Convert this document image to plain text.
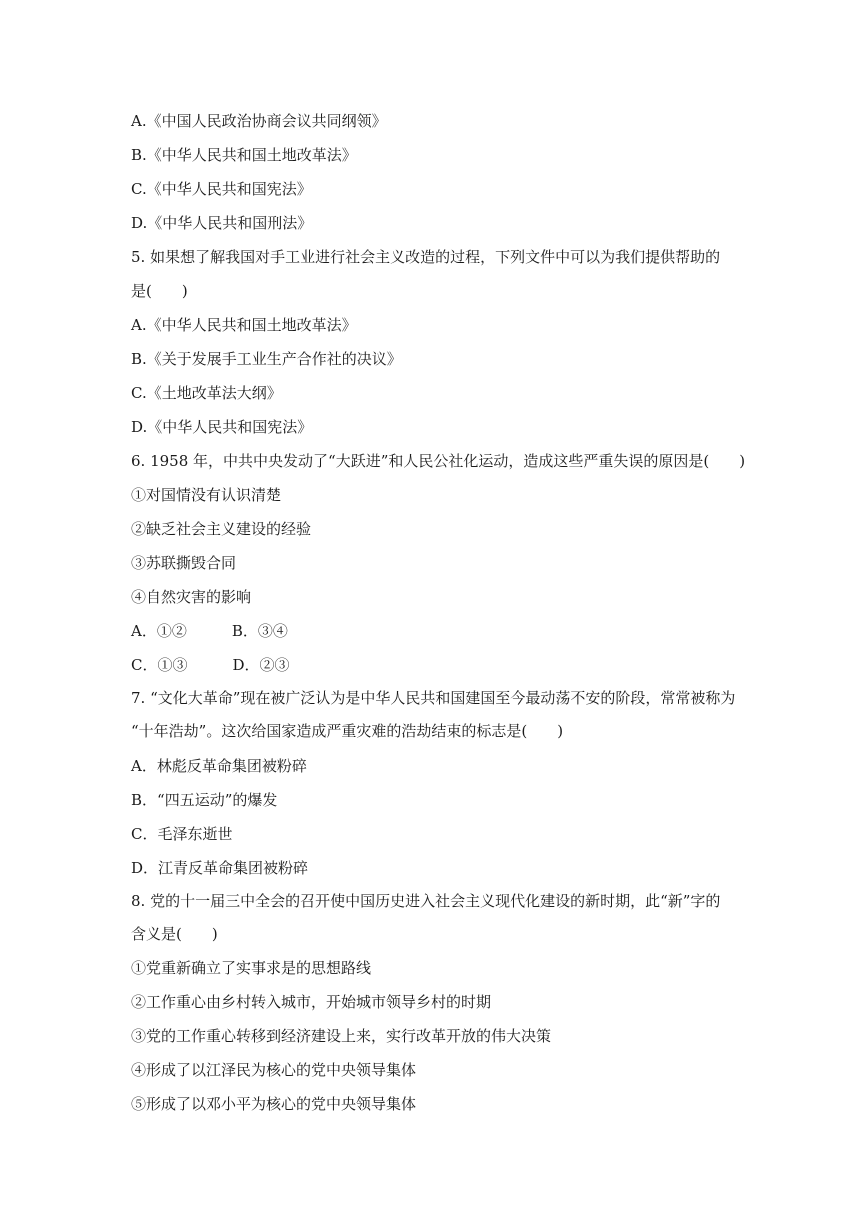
A.《中国人民政治协商会议共同纲领》
B.《中华人民共和国土地改革法》
C.《中华人民共和国宪法》
D.《中华人民共和国刑法》
5. 如果想了解我国对手工业进行社会主义改造的过程，下列文件中可以为我们提供帮助的
是(　　)
A.《中华人民共和国土地改革法》
B.《关于发展手工业生产合作社的决议》
C.《土地改革法大纲》
D.《中华人民共和国宪法》
6. 1958 年，中共中央发动了“大跃进”和人民公社化运动，造成这些严重失误的原因是(　　)
①对国情没有认识清楚
②缺乏社会主义建设的经验
③苏联撕毁合同
④自然灾害的影响
A．①②　　　B．③④
C．①③　　　D．②③
7. “文化大革命”现在被广泛认为是中华人民共和国建国至今最动荡不安的阶段，常常被称为
“十年浩劫”。这次给国家造成严重灾难的浩劫结束的标志是(　　)
A．林彪反革命集团被粉碎
B．“四五运动”的爆发
C．毛泽东逝世
D．江青反革命集团被粉碎
8. 党的十一届三中全会的召开使中国历史进入社会主义现代化建设的新时期，此“新”字的
含义是(　　)
①党重新确立了实事求是的思想路线
②工作重心由乡村转入城市，开始城市领导乡村的时期
③党的工作重心转移到经济建设上来，实行改革开放的伟大决策
④形成了以江泽民为核心的党中央领导集体
⑤形成了以邓小平为核心的党中央领导集体
